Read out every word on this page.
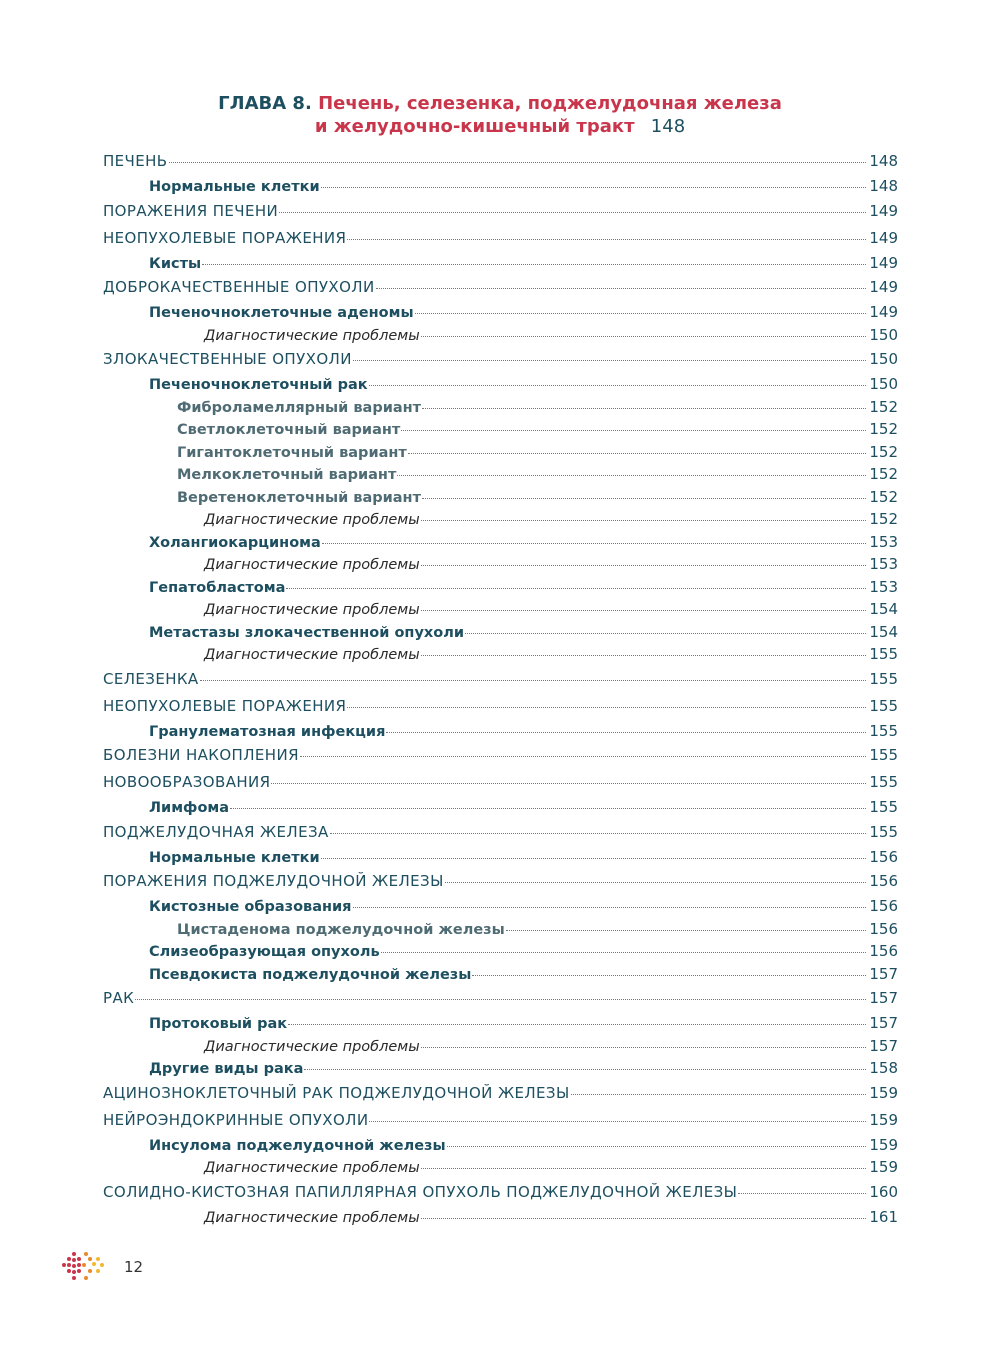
ГЛАВА 8. Печень, селезенка, поджелудочная железа
и желудочно-кишечный тракт 148
ПЕЧЕНЬ	148
Нормальные клетки	148
ПОРАЖЕНИЯ ПЕЧЕНИ	149
НЕОПУХОЛЕВЫЕ ПОРАЖЕНИЯ	149
Кисты	149
ДОБРОКАЧЕСТВЕННЫЕ ОПУХОЛИ	149
Печеночноклеточные аденомы	149
Диагностические проблемы	150
ЗЛОКАЧЕСТВЕННЫЕ ОПУХОЛИ	150
Печеночноклеточный рак	150
Фиброламеллярный вариант	152
Светлоклеточный вариант	152
Гигантоклеточный вариант	152
Мелкоклеточный вариант	152
Веретеноклеточный вариант	152
Диагностические проблемы	152
Холангиокарцинома	153
Диагностические проблемы	153
Гепатобластома	153
Диагностические проблемы	154
Метастазы злокачественной опухоли	154
Диагностические проблемы	155
СЕЛЕЗЕНКА	155
НЕОПУХОЛЕВЫЕ ПОРАЖЕНИЯ	155
Гранулематозная инфекция	155
БОЛЕЗНИ НАКОПЛЕНИЯ	155
НОВООБРАЗОВАНИЯ	155
Лимфома	155
ПОДЖЕЛУДОЧНАЯ ЖЕЛЕЗА	155
Нормальные клетки	156
ПОРАЖЕНИЯ ПОДЖЕЛУДОЧНОЙ ЖЕЛЕЗЫ	156
Кистозные образования	156
Цистаденома поджелудочной железы	156
Слизеобразующая опухоль	156
Псевдокиста поджелудочной железы	157
РАК	157
Протоковый рак	157
Диагностические проблемы	157
Другие виды рака	158
АЦИНОЗНОКЛЕТОЧНЫЙ РАК ПОДЖЕЛУДОЧНОЙ ЖЕЛЕЗЫ	159
НЕЙРОЭНДОКРИННЫЕ ОПУХОЛИ	159
Инсулома поджелудочной железы	159
Диагностические проблемы	159
СОЛИДНО-КИСТОЗНАЯ ПАПИЛЛЯРНАЯ ОПУХОЛЬ ПОДЖЕЛУДОЧНОЙ ЖЕЛЕЗЫ	160
Диагностические проблемы	161
12
